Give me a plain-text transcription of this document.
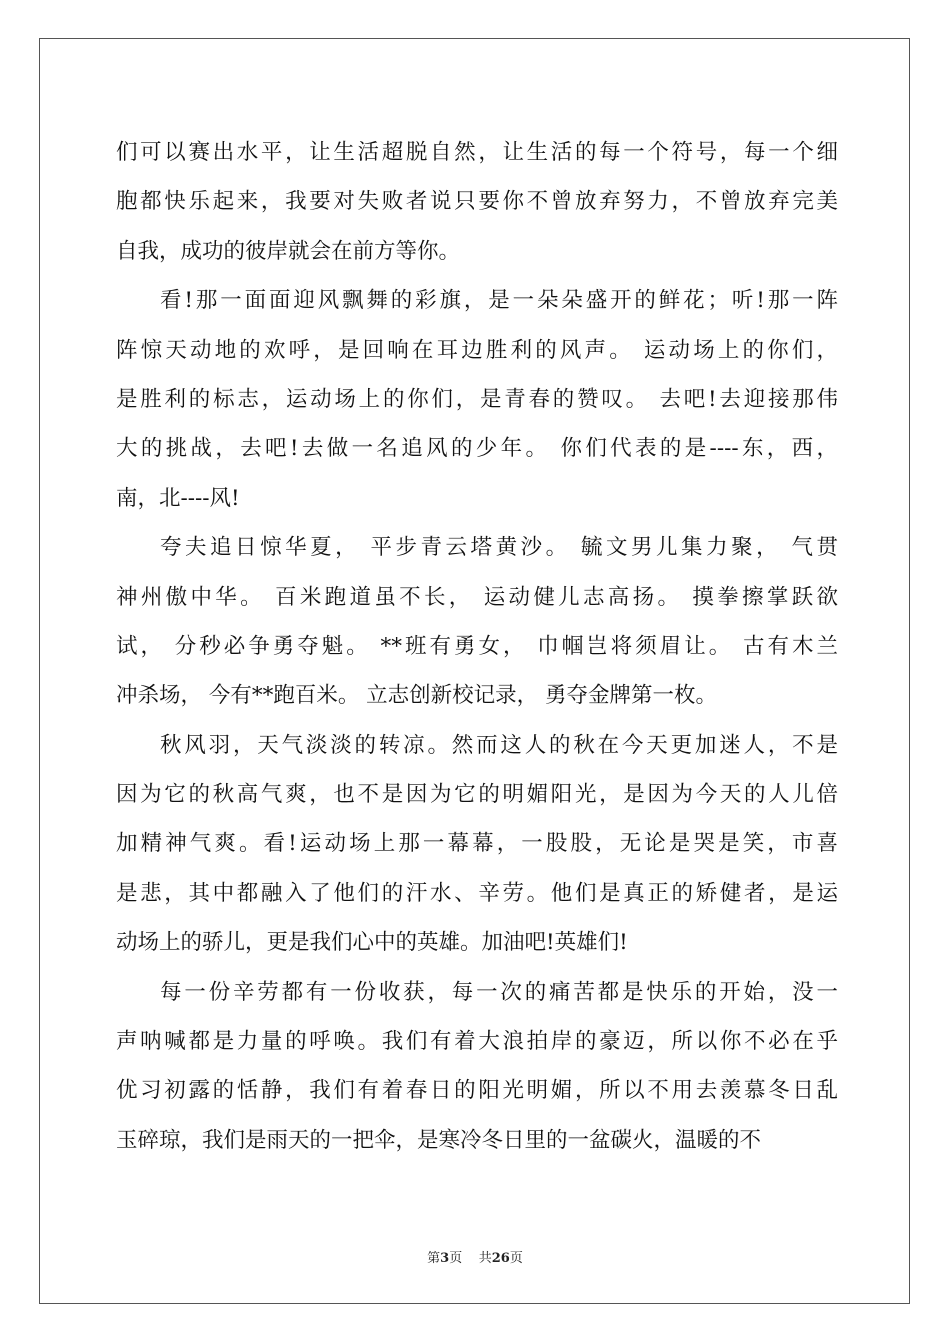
们可以赛出水平，让生活超脱自然，让生活的每一个符号，每一个细
胞都快乐起来，我要对失败者说只要你不曾放弃努力，不曾放弃完美
自我，成功的彼岸就会在前方等你。
看!那一面面迎风飘舞的彩旗，是一朵朵盛开的鲜花；听!那一阵
阵惊天动地的欢呼，是回响在耳边胜利的风声。 运动场上的你们，
是胜利的标志，运动场上的你们，是青春的赞叹。 去吧!去迎接那伟
大的挑战，去吧!去做一名追风的少年。 你们代表的是----东，西，
南，北----风!
夸夫追日惊华夏， 平步青云塔黄沙。 毓文男儿集力聚， 气贯
神州傲中华。 百米跑道虽不长， 运动健儿志高扬。 摸拳擦掌跃欲
试， 分秒必争勇夺魁。 **班有勇女， 巾帼岂将须眉让。 古有木兰
冲杀场， 今有**跑百米。 立志创新校记录， 勇夺金牌第一枚。
秋风羽，天气淡淡的转凉。然而这人的秋在今天更加迷人，不是
因为它的秋高气爽，也不是因为它的明媚阳光，是因为今天的人儿倍
加精神气爽。看!运动场上那一幕幕，一股股，无论是哭是笑，市喜
是悲，其中都融入了他们的汗水、辛劳。他们是真正的矫健者，是运
动场上的骄儿，更是我们心中的英雄。加油吧!英雄们!
每一份辛劳都有一份收获，每一次的痛苦都是快乐的开始，没一
声呐喊都是力量的呼唤。我们有着大浪拍岸的豪迈，所以你不必在乎
优习初露的恬静，我们有着春日的阳光明媚，所以不用去羡慕冬日乱
玉碎琼，我们是雨天的一把伞，是寒冷冬日里的一盆碳火，温暖的不
第3页 共26页
